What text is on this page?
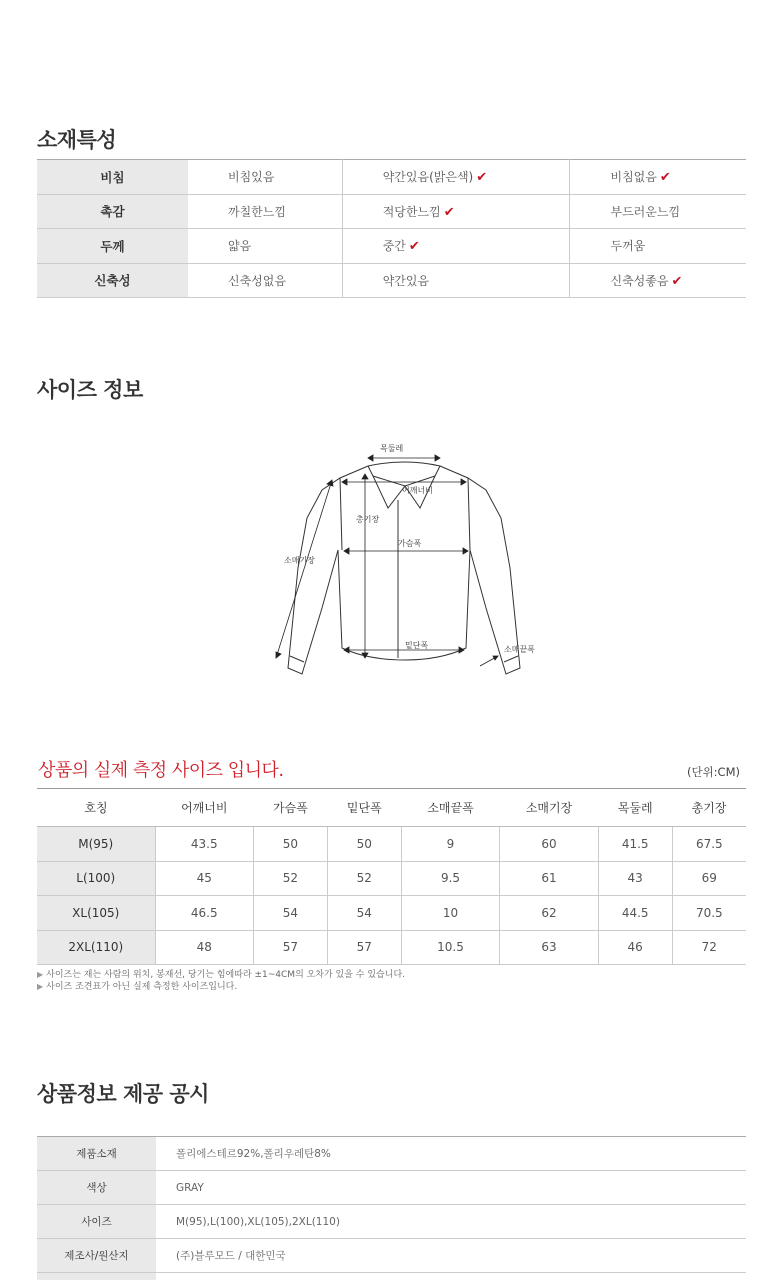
소재특성
비침	비침있음	약간있음(밝은색) ✔	비침없음 ✔
촉감	까칠한느낌	적당한느낌 ✔	부드러운느낌
두께	얇음	중간 ✔	두꺼움
신축성	신축성없음	약간있음	신축성좋음 ✔
사이즈 정보
목둘레
어깨너비
총기장
가슴폭
소매기장
밑단폭	소매끝폭
상품의 실제 측정 사이즈 입니다.	(단위:CM)
호칭	어깨너비	가슴폭	밑단폭	소매끝폭	소매기장	목둘레	총기장
M(95)	43.5	50	50	9	60	41.5	67.5
L(100)	45	52	52	9.5	61	43	69
XL(105)	46.5	54	54	10	62	44.5	70.5
2XL(110)	48	57	57	10.5	63	46	72
▶ 사이즈는 재는 사람의 위치, 봉재선, 당기는 힘에따라 ±1~4CM의 오차가 있을 수 있습니다.
▶ 사이즈 조견표가 아닌 실제 측정한 사이즈입니다.
상품정보 제공 공시
제품소재	폴리에스테르92%,폴리우레탄8%
색상	GRAY
사이즈	M(95),L(100),XL(105),2XL(110)
제조사/원산지	(주)블루모드 / 대한민국
